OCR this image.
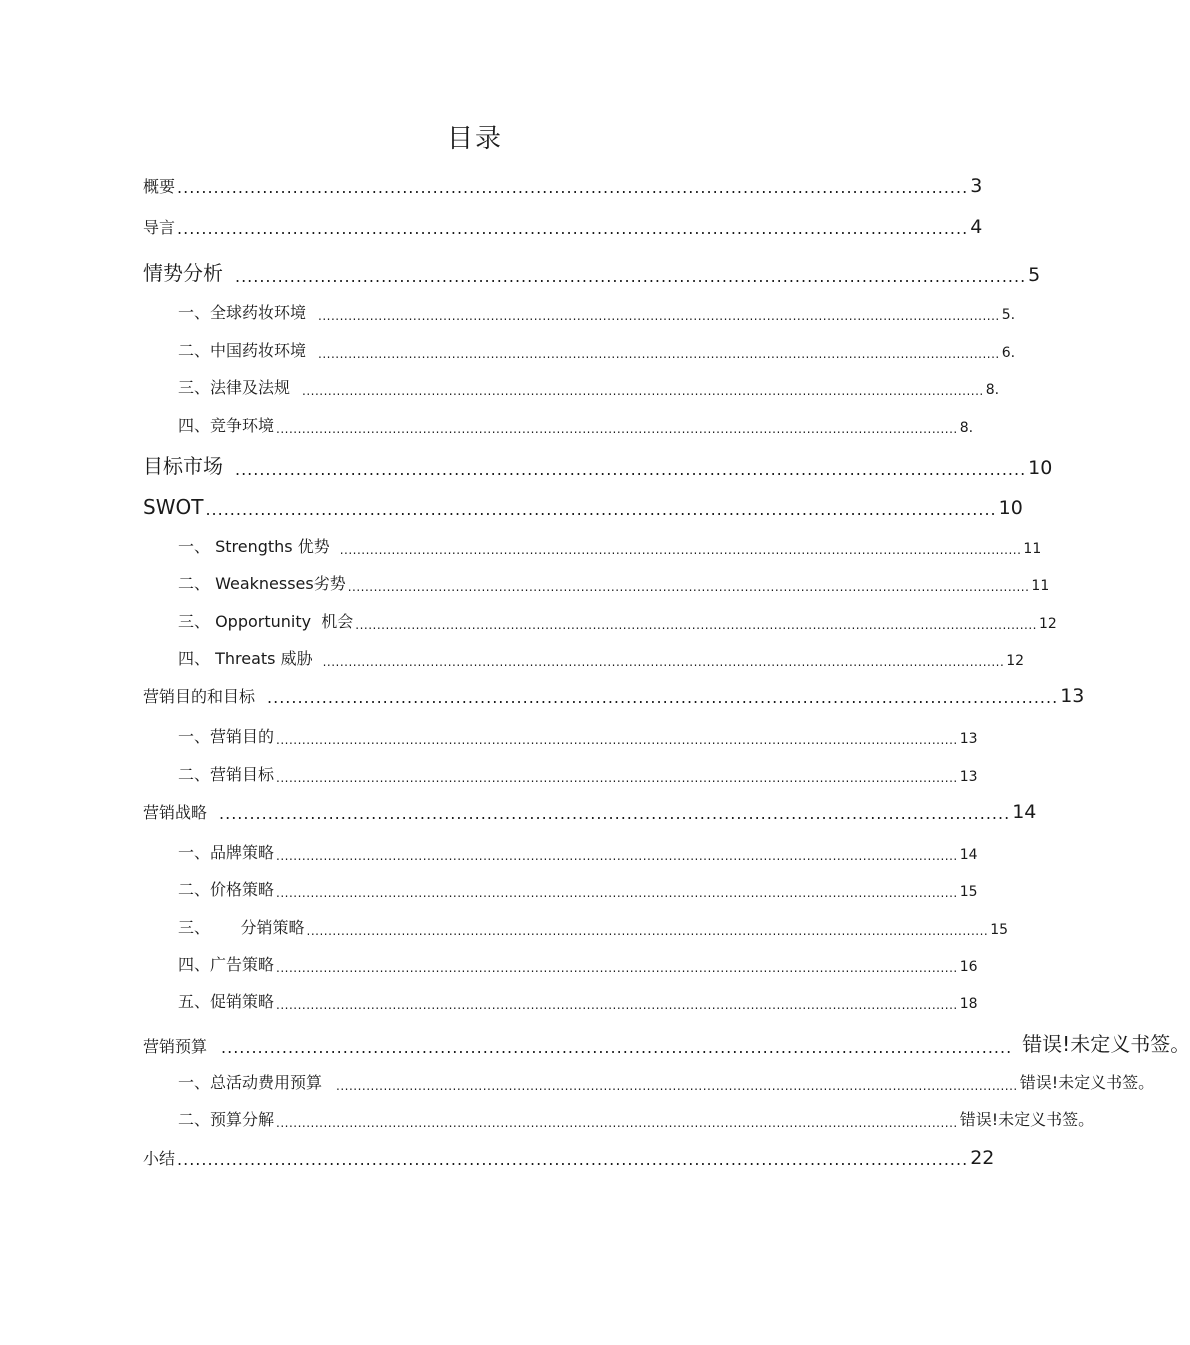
目录
概要 .................................................................................................................................. 3
导言 .................................................................................................................................. 4
情势分析 .................................................................................................................................. 5
一、全球药妆环境 .............................................................................................................................................................. 5.
二、中国药妆环境 .............................................................................................................................................................. 6.
三、法律及法规 .............................................................................................................................................................. 8.
四、竞争环境 .............................................................................................................................................................. 8.
目标市场 .................................................................................................................................. 10
SWOT .................................................................................................................................. 10
一、 Strengths 优势 .............................................................................................................................................................. 11
二、 Weaknesses劣势 .............................................................................................................................................................. 11
三、 Opportunity  机会 .............................................................................................................................................................. 12
四、 Threats 威胁 .............................................................................................................................................................. 12
营销目的和目标 .................................................................................................................................. 13
一、营销目的 .............................................................................................................................................................. 13
二、营销目标 .............................................................................................................................................................. 13
营销战略 .................................................................................................................................. 14
一、品牌策略 .............................................................................................................................................................. 14
二、价格策略 .............................................................................................................................................................. 15
三、      分销策略 .............................................................................................................................................................. 15
四、广告策略 .............................................................................................................................................................. 16
五、促销策略 .............................................................................................................................................................. 18
营销预算 .................................................................................................................................. 错误!未定义书签。
一、总活动费用预算 .............................................................................................................................................................. 错误!未定义书签。
二、预算分解 .............................................................................................................................................................. 错误!未定义书签。
小结 .................................................................................................................................. 22
